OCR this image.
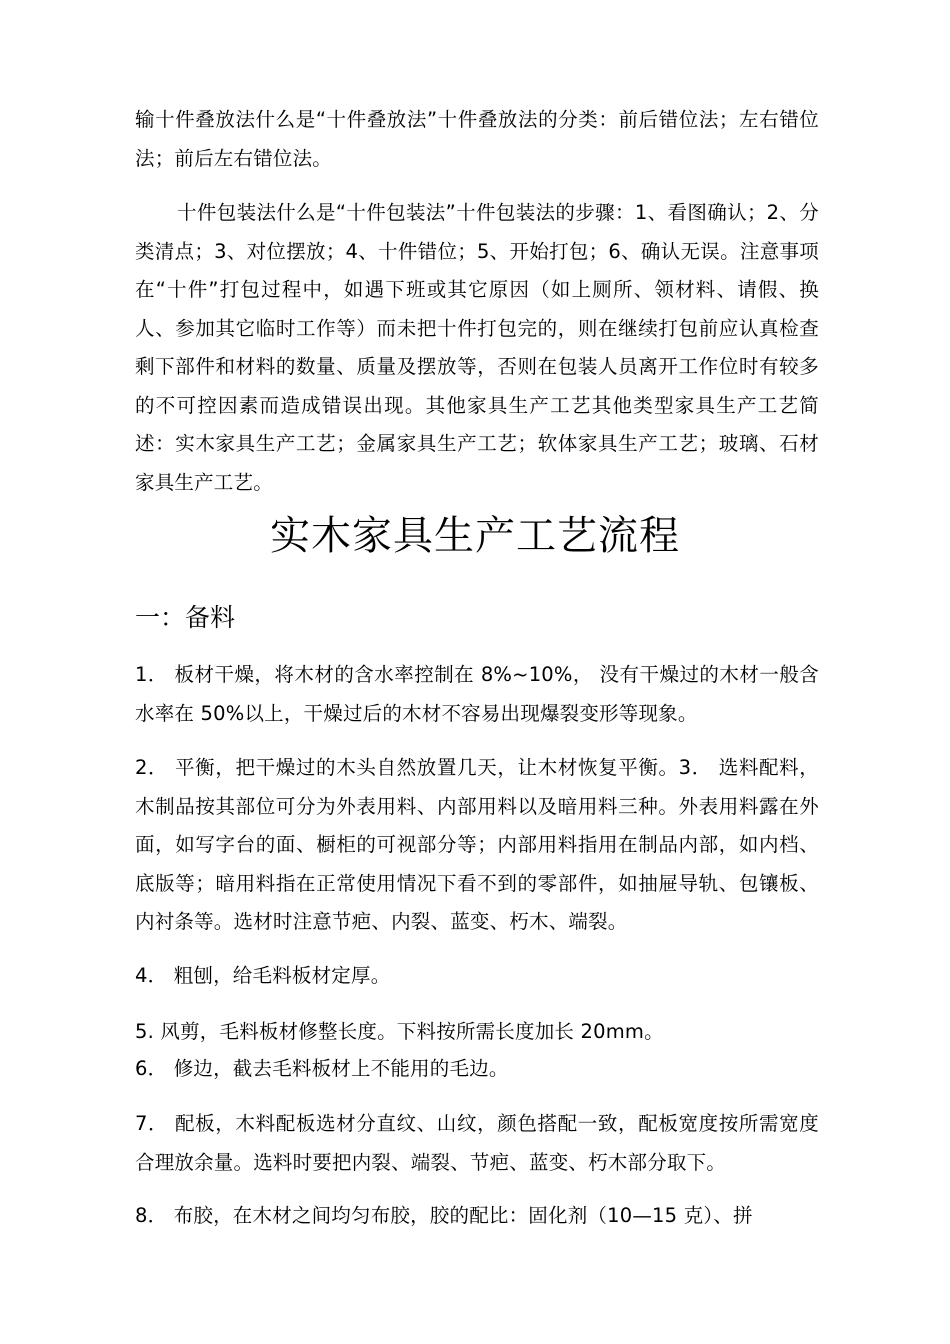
输十件叠放法什么是“十件叠放法”十件叠放法的分类：前后错位法；左右错位法；前后左右错位法。

十件包装法什么是“十件包装法”十件包装法的步骤：1、看图确认；2、分类清点；3、对位摆放；4、十件错位；5、开始打包；6、确认无误。注意事项在“十件”打包过程中，如遇下班或其它原因（如上厕所、领材料、请假、换人、参加其它临时工作等）而未把十件打包完的，则在继续打包前应认真检查剩下部件和材料的数量、质量及摆放等，否则在包装人员离开工作位时有较多的不可控因素而造成错误出现。其他家具生产工艺其他类型家具生产工艺简述：实木家具生产工艺；金属家具生产工艺；软体家具生产工艺；玻璃、石材家具生产工艺。

实木家具生产工艺流程
一：备料

1． 板材干燥，将木材的含水率控制在 8%~10%， 没有干燥过的木材一般含水率在 50%以上，干燥过后的木材不容易出现爆裂变形等现象。

2． 平衡，把干燥过的木头自然放置几天，让木材恢复平衡。3． 选料配料，木制品按其部位可分为外表用料、内部用料以及暗用料三种。外表用料露在外面，如写字台的面、橱柜的可视部分等；内部用料指用在制品内部，如内档、底版等；暗用料指在正常使用情况下看不到的零部件，如抽屉导轨、包镶板、内衬条等。选材时注意节疤、内裂、蓝变、朽木、端裂。

4． 粗刨，给毛料板材定厚。

5. 风剪，毛料板材修整长度。下料按所需长度加长 20mm。

6． 修边，截去毛料板材上不能用的毛边。

7． 配板，木料配板选材分直纹、山纹，颜色搭配一致，配板宽度按所需宽度合理放余量。选料时要把内裂、端裂、节疤、蓝变、朽木部分取下。

8． 布胶，在木材之间均匀布胶，胶的配比：固化剂（10—15 克）、拼
